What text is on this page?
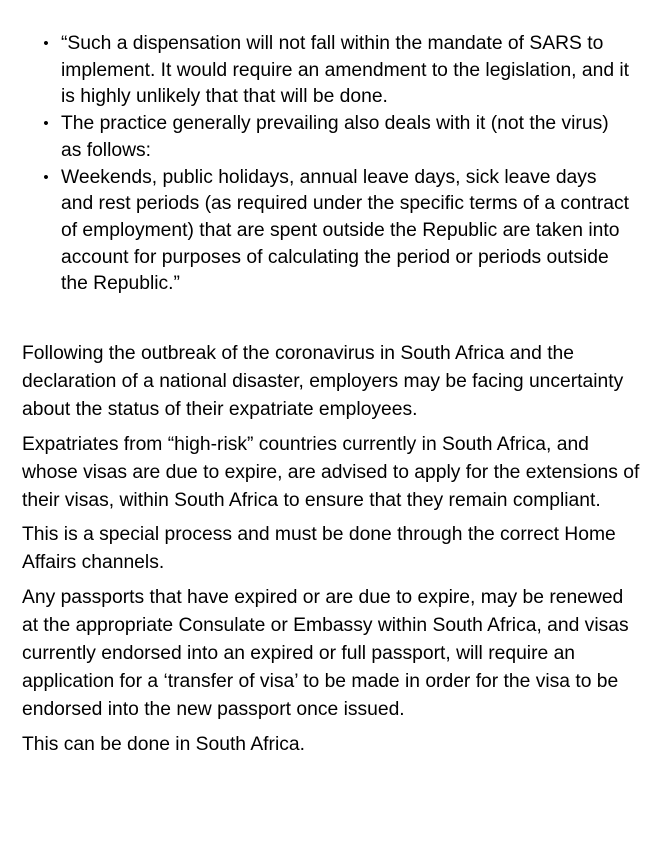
• “Such a dispensation will not fall within the mandate of SARS to implement. It would require an amendment to the legislation, and it is highly unlikely that that will be done.
• The practice generally prevailing also deals with it (not the virus) as follows:
• Weekends, public holidays, annual leave days, sick leave days and rest periods (as required under the specific terms of a contract of employment) that are spent outside the Republic are taken into account for purposes of calculating the period or periods outside the Republic.”

Following the outbreak of the coronavirus in South Africa and the declaration of a national disaster, employers may be facing uncertainty about the status of their expatriate employees.

Expatriates from “high-risk” countries currently in South Africa, and whose visas are due to expire, are advised to apply for the extensions of their visas, within South Africa to ensure that they remain compliant.

This is a special process and must be done through the correct Home Affairs channels.

Any passports that have expired or are due to expire, may be renewed at the appropriate Consulate or Embassy within South Africa, and visas currently endorsed into an expired or full passport, will require an application for a ‘transfer of visa’ to be made in order for the visa to be endorsed into the new passport once issued.

This can be done in South Africa.
